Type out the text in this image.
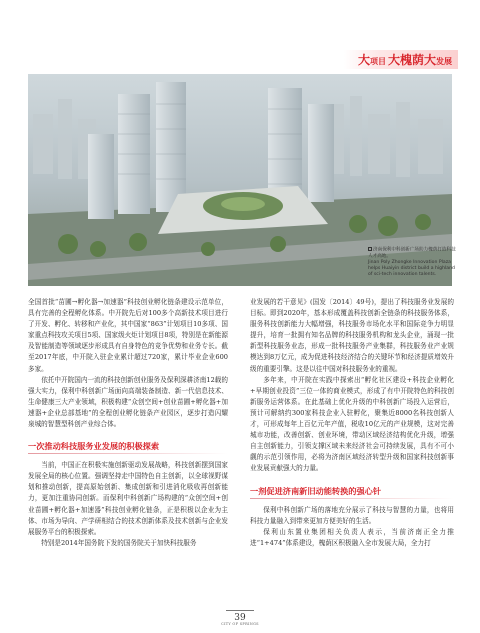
大 项目 大槐荫 大 发展
济南保利中科创新广场助力槐荫打造科技人才高地。
Jinan Poly Zhongke Innovation Plaza helps Huaiyin district build a highland of sci-tech innovation talents.

全国首批“苗圃→孵化器→加速器”科技创业孵化链条建设示范单位，具有完善的全程孵化体系。中开院先后对100多个高新技术项目进行了开发、孵化、转移和产业化，其中国家“863”计划项目10多项、国家重点科技攻关项目5项、国家级火炬计划项目8项，特别是在新能源及智能制造等领域逐步形成具有自身特色的竞争优势和业务专长。截至2017年底，中开院入驻企业累计超过720家，累计毕业企业600多家。

依托中开院国内一流的科技创新创业服务及保利深耕济南12载的强大实力，保利中科创新广场面向高端装备制造、新一代信息技术、生命健康三大产业领域，积极构建“众创空间+创业苗圃+孵化器+加速器+企业总部基地”的全程创业孵化链条产业园区，逐步打造闪耀泉城的智慧型科创产业综合体。

一次推动科技服务业发展的积极探索

当前，中国正在积极实施创新驱动发展战略，科技创新摆到国家发展全局的核心位置。强调坚持走中国特色自主创新，以全球视野谋划和推动创新，提高原始创新、集成创新和引进消化吸收再创新能力，更加注重协同创新。而保利中科创新广场构建的“众创空间+创业苗圃+孵化器+加速器”科技创业孵化链条，正是积极以企业为主体、市场为导向、产学研相结合的技术创新体系及技术创新与企业发展服务平台的积极探索。

特别是2014年国务院下发的国务院关于加快科技服务

业发展的若干意见》(国发〔2014〕49号)，提出了科技服务业发展的目标。即到2020年，基本形成覆盖科技创新全链条的科技服务体系，服务科技创新能力大幅增强，科技服务市场化水平和国际竞争力明显提升，培育一批拥有知名品牌的科技服务机构和龙头企业，涌现一批新型科技服务业态，形成一批科技服务产业集群，科技服务业产业规模达到8万亿元，成为促进科技经济结合的关键环节和经济提质增效升级的重要引擎。这是以往中国对科技服务业的重视。

多年来，中开院在实践中探索出“孵化社区建设+科技企业孵化+早期创业投资”三位一体的商业模式，形成了有中开院特色的科技创新服务运营体系。在此基础上优化升级的中科创新广场投入运营后，预计可解纳约300家科技企业入驻孵化，聚集近8000名科技创新人才，可形成每年上百亿元年产值，税收10亿元的产业规模，这对完善城市功能，改善创新、创业环境，带动区域经济结构优化升级，增强自主创新能力，引领支撑区域未来经济社会可持续发展，具有不可小觑的示范引领作用，必将为济南区域经济转型升级和国家科技创新事业发展贡献强大的力量。

一剂促进济南新旧动能转换的强心针

保利中科创新广场的落地充分展示了科技与智慧的力量，也将用科技力量融入到带来更加方便美好的生活。

保利山东置业集团相关负责人表示，当前济南正全力推进“1+474”体系建设，槐荫区积极融入全市发展大局，全力打

39
CITY OF SPRINGS
